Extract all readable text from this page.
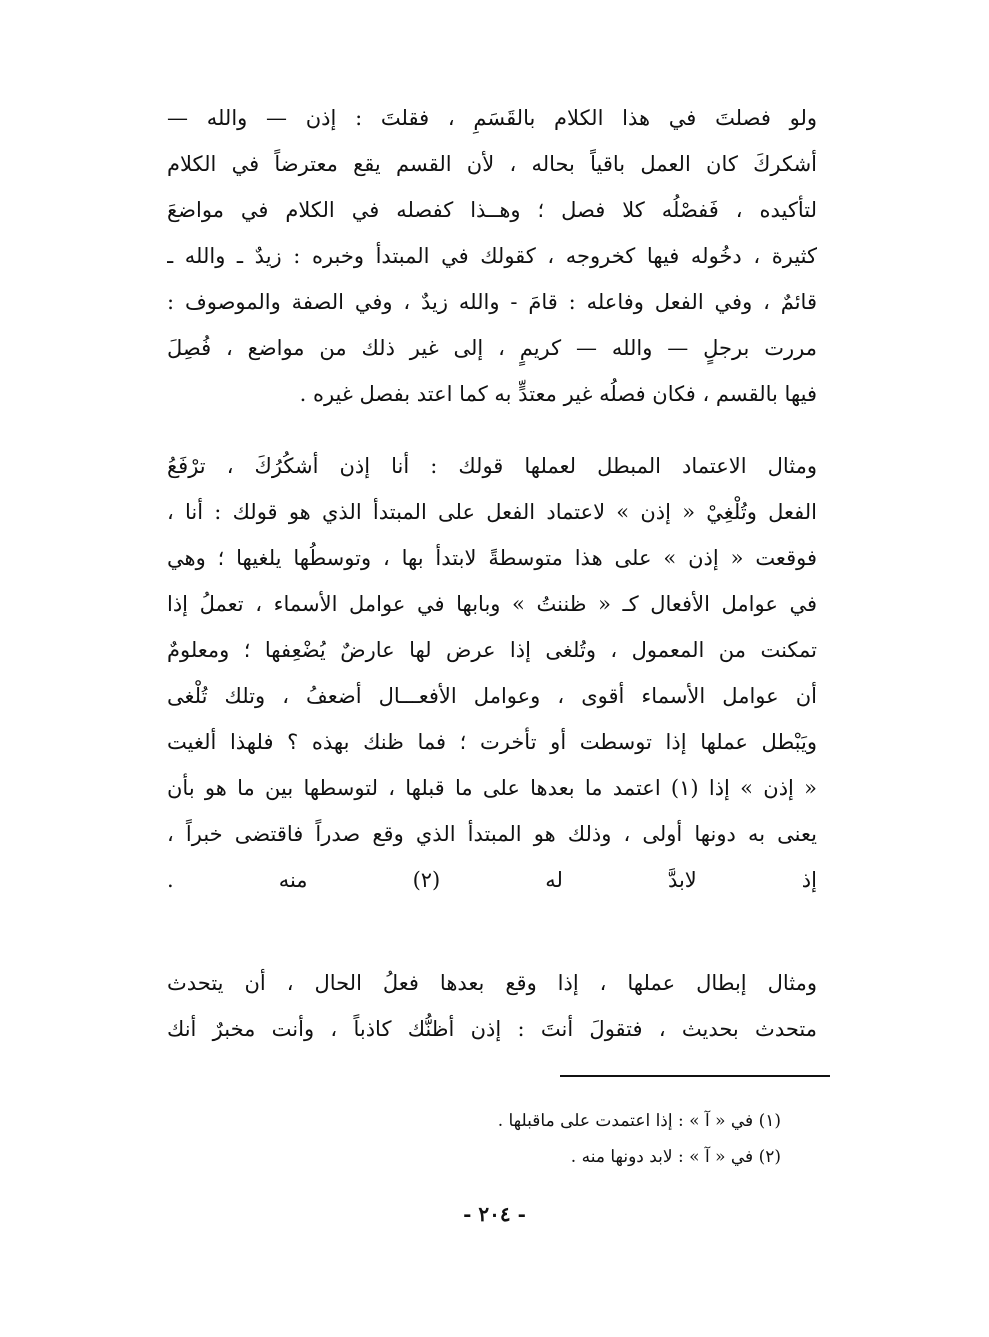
ولو فصلتَ في هذا الكلام بالقَسَمِ ، فقلتَ : إذن — والله —
أشكركَ كان العمل باقياً بحاله ، لأن القسم يقع معترضاً في الكلام
لتأكيده ، فَفصْلُه كلا فصل ؛ وهــذا كفصله في الكلام في مواضعَ
كثيرة ، دخُوله فيها كخروجه ، كقولك في المبتدأ وخبره : زيدٌ ـ والله ـ
قائمٌ ، وفي الفعل وفاعله : قامَ - والله زيدٌ ، وفي الصفة والموصوف :
مررت برجلٍ — والله — كريمٍ ، إلى غير ذلك من مواضع ، فُصِلَ
فيها بالقسم ، فكان فصلُه غير معتدٍّ به كما اعتد بفصل غيره .
ومثال الاعتماد المبطل لعملها قولك : أنا إذن أشكُرُكَ ، ترْفَعُ
الفعل وتُلْغِيْ « إذن » لاعتماد الفعل على المبتدأ الذي هو قولك : أنا ،
فوقعت « إذن » على هذا متوسطةً لابتدأ بها ، وتوسطُها يلغيها ؛ وهي
في عوامل الأفعال كـ « ظننتُ » وبابها في عوامل الأسماء ، تعملُ إذا
تمكنت من المعمول ، وتُلغى إذا عرض لها عارضٌ يُضْعِفها ؛ ومعلومٌ
أن عوامل الأسماء أقوى ، وعوامل الأفعـــال أضعفُ ، وتلك تُلْغى
ويَبْطل عملها إذا توسطت أو تأخرت ؛ فما ظنك بهذه ؟ فلهذا ألغيت
« إذن » إذا (١) اعتمد ما بعدها على ما قبلها ، لتوسطها بين ما هو بأن
يعنى به دونها أولى ، وذلك هو المبتدأ الذي وقع صدراً فاقتضى خبراً ،
إذ لابدَّ له (٢) منه .
ومثال إبطال عملها ، إذا وقع بعدها فعلُ الحال ، أن يتحدث
متحدث بحديث ، فتقولَ أنتَ : إذن أظنُّك كاذباً ، وأنت مخبرٌ أنك
(١) في « آ » : إذا اعتمدت على ماقبلها .
(٢) في « آ » : لابد دونها منه .
- ٢٠٤ -
